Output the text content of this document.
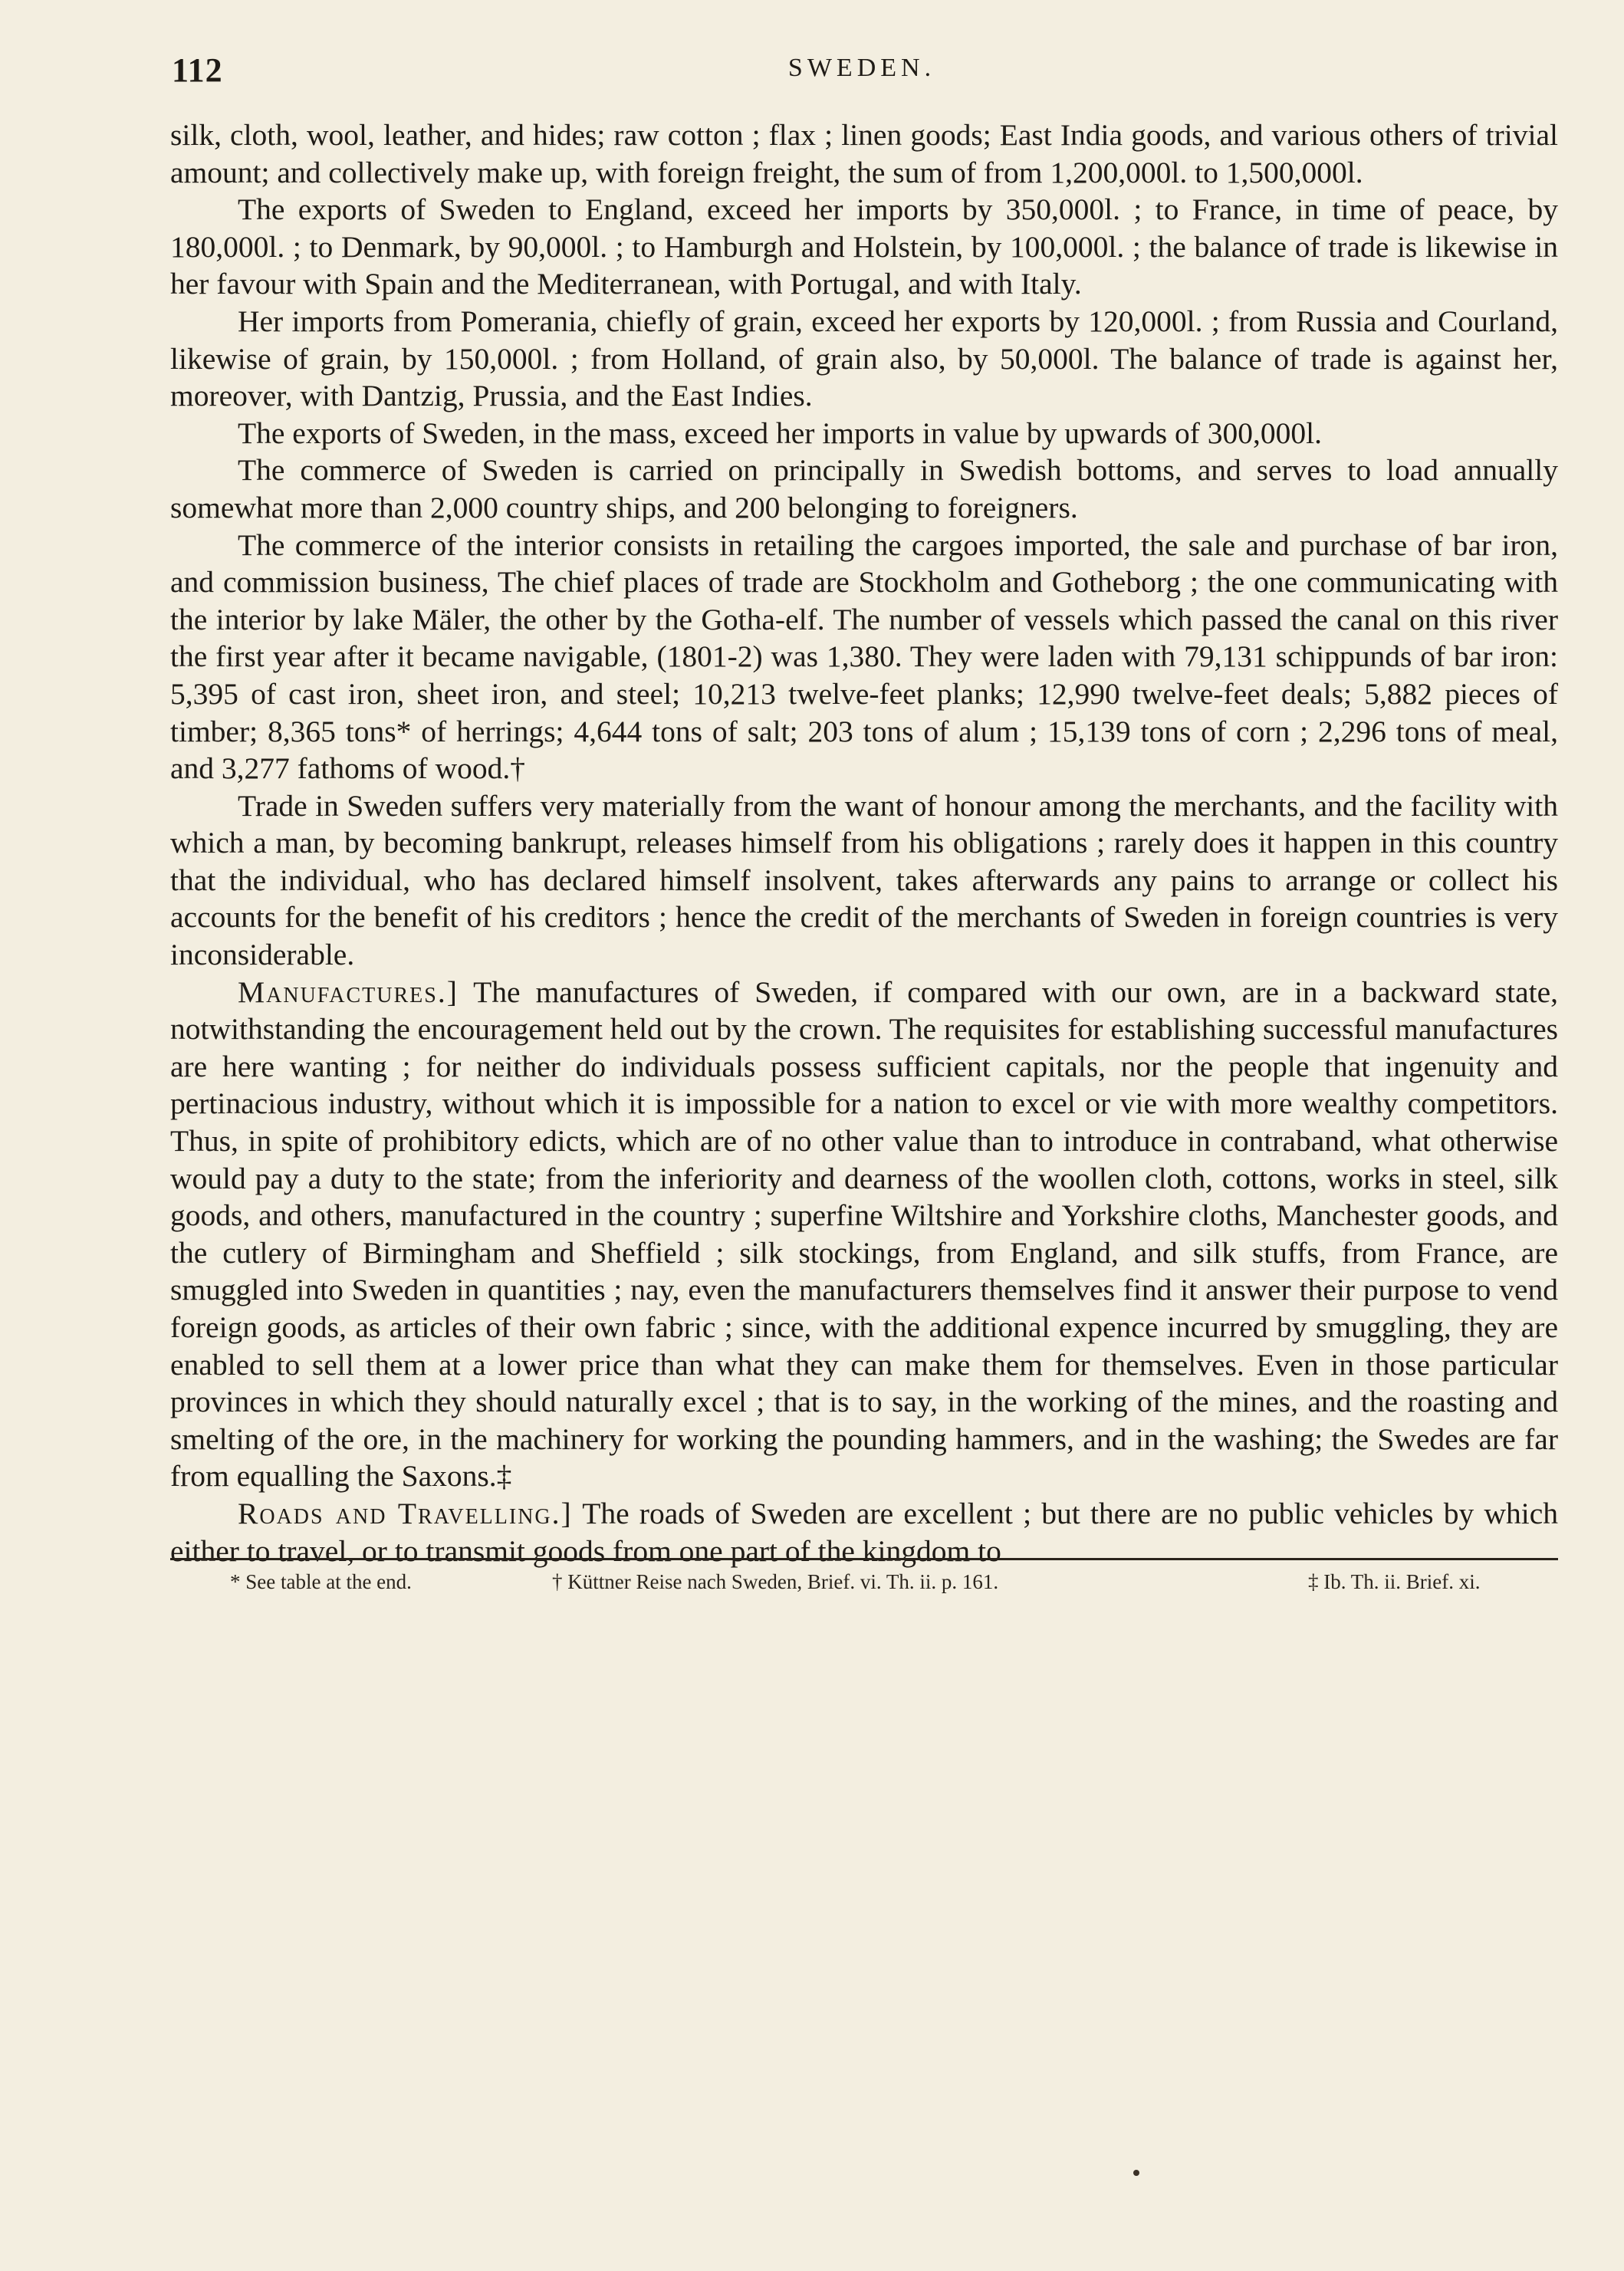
112	SWEDEN.

silk, cloth, wool, leather, and hides; raw cotton ; flax ; linen goods; East India goods, and various others of trivial amount; and collectively make up, with foreign freight, the sum of from 1,200,000l. to 1,500,000l.

The exports of Sweden to England, exceed her imports by 350,000l. ; to France, in time of peace, by 180,000l. ; to Denmark, by 90,000l. ; to Hamburgh and Holstein, by 100,000l. ; the balance of trade is likewise in her favour with Spain and the Mediterranean, with Portugal, and with Italy.

Her imports from Pomerania, chiefly of grain, exceed her exports by 120,000l. ; from Russia and Courland, likewise of grain, by 150,000l. ; from Holland, of grain also, by 50,000l. The balance of trade is against her, moreover, with Dantzig, Prussia, and the East Indies.

The exports of Sweden, in the mass, exceed her imports in value by upwards of 300,000l.

The commerce of Sweden is carried on principally in Swedish bottoms, and serves to load annually somewhat more than 2,000 country ships, and 200 belonging to foreigners.

The commerce of the interior consists in retailing the cargoes imported, the sale and purchase of bar iron, and commission business, The chief places of trade are Stockholm and Gotheborg ; the one communicating with the interior by lake Mäler, the other by the Gotha-elf. The number of vessels which passed the canal on this river the first year after it became navigable, (1801-2) was 1,380. They were laden with 79,131 schippunds of bar iron: 5,395 of cast iron, sheet iron, and steel; 10,213 twelve-feet planks; 12,990 twelve-feet deals; 5,882 pieces of timber; 8,365 tons* of herrings; 4,644 tons of salt; 203 tons of alum ; 15,139 tons of corn ; 2,296 tons of meal, and 3,277 fathoms of wood.†

Trade in Sweden suffers very materially from the want of honour among the merchants, and the facility with which a man, by becoming bankrupt, releases himself from his obligations ; rarely does it happen in this country that the individual, who has declared himself insolvent, takes afterwards any pains to arrange or collect his accounts for the benefit of his creditors ; hence the credit of the merchants of Sweden in foreign countries is very inconsiderable.

Manufactures.] The manufactures of Sweden, if compared with our own, are in a backward state, notwithstanding the encouragement held out by the crown. The requisites for establishing successful manufactures are here wanting ; for neither do individuals possess sufficient capitals, nor the people that ingenuity and pertinacious industry, without which it is impossible for a nation to excel or vie with more wealthy competitors. Thus, in spite of prohibitory edicts, which are of no other value than to introduce in contraband, what otherwise would pay a duty to the state; from the inferiority and dearness of the woollen cloth, cottons, works in steel, silk goods, and others, manufactured in the country ; superfine Wiltshire and Yorkshire cloths, Manchester goods, and the cutlery of Birmingham and Sheffield ; silk stockings, from England, and silk stuffs, from France, are smuggled into Sweden in quantities ; nay, even the manufacturers themselves find it answer their purpose to vend foreign goods, as articles of their own fabric ; since, with the additional expence incurred by smuggling, they are enabled to sell them at a lower price than what they can make them for themselves. Even in those particular provinces in which they should naturally excel ; that is to say, in the working of the mines, and the roasting and smelting of the ore, in the machinery for working the pounding hammers, and in the washing; the Swedes are far from equalling the Saxons.‡

Roads and Travelling.] The roads of Sweden are excellent ; but there are no public vehicles by which either to travel, or to transmit goods from one part of the kingdom to

* See table at the end.	† Küttner Reise nach Sweden, Brief. vi. Th. ii. p. 161.	‡ Ib. Th. ii. Brief. xi.
